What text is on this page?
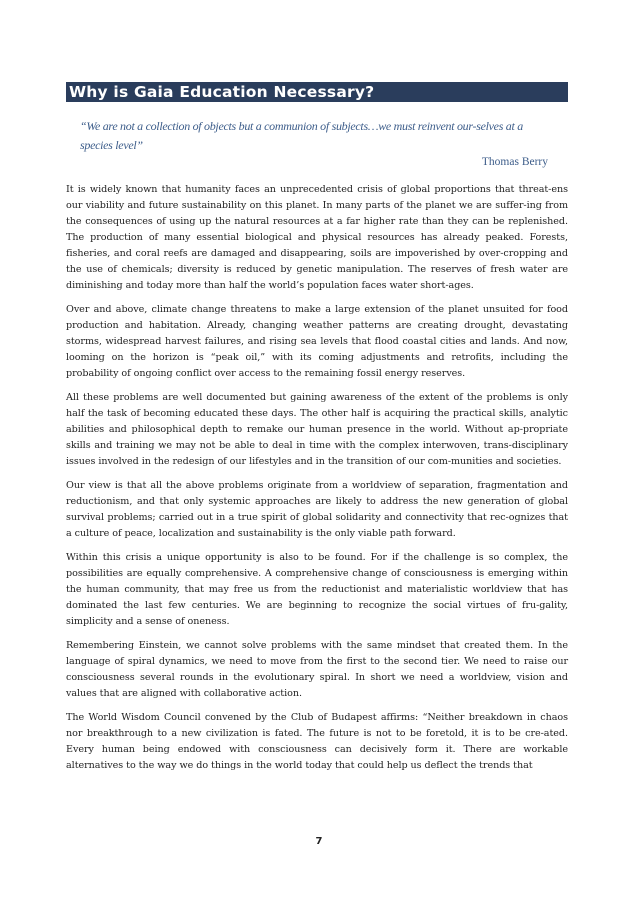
Why is Gaia Education Necessary?
“We are not a collection of objects but a communion of subjects…we must reinvent our-selves at a species level”
Thomas Berry

It is widely known that humanity faces an unprecedented crisis of global proportions that threat-ens our viability and future sustainability on this planet. In many parts of the planet we are suffer-ing from the consequences of using up the natural resources at a far higher rate than they can be replenished. The production of many essential biological and physical resources has already peaked. Forests, fisheries, and coral reefs are damaged and disappearing, soils are impoverished by over-cropping and the use of chemicals; diversity is reduced by genetic manipulation. The reserves of fresh water are diminishing and today more than half the world’s population faces water short-ages.

Over and above, climate change threatens to make a large extension of the planet unsuited for food production and habitation. Already, changing weather patterns are creating drought, devastating storms, widespread harvest failures, and rising sea levels that flood coastal cities and lands. And now, looming on the horizon is “peak oil,” with its coming adjustments and retrofits, including the probability of ongoing conflict over access to the remaining fossil energy reserves.

All these problems are well documented but gaining awareness of the extent of the problems is only half the task of becoming educated these days. The other half is acquiring the practical skills, analytic abilities and philosophical depth to remake our human presence in the world. Without ap-propriate skills and training we may not be able to deal in time with the complex interwoven, trans-disciplinary issues involved in the redesign of our lifestyles and in the transition of our com-munities and societies.

Our view is that all the above problems originate from a worldview of separation, fragmentation and reductionism, and that only systemic approaches are likely to address the new generation of global survival problems; carried out in a true spirit of global solidarity and connectivity that rec-ognizes that a culture of peace, localization and sustainability is the only viable path forward.

Within this crisis a unique opportunity is also to be found. For if the challenge is so complex, the possibilities are equally comprehensive. A comprehensive change of consciousness is emerging within the human community, that may free us from the reductionist and materialistic worldview that has dominated the last few centuries. We are beginning to recognize the social virtues of fru-gality, simplicity and a sense of oneness.

Remembering Einstein, we cannot solve problems with the same mindset that created them. In the language of spiral dynamics, we need to move from the first to the second tier. We need to raise our consciousness several rounds in the evolutionary spiral. In short we need a worldview, vision and values that are aligned with collaborative action.

The World Wisdom Council convened by the Club of Budapest affirms: “Neither breakdown in chaos nor breakthrough to a new civilization is fated. The future is not to be foretold, it is to be cre-ated. Every human being endowed with consciousness can decisively form it. There are workable alternatives to the way we do things in the world today that could help us deflect the trends that

7
